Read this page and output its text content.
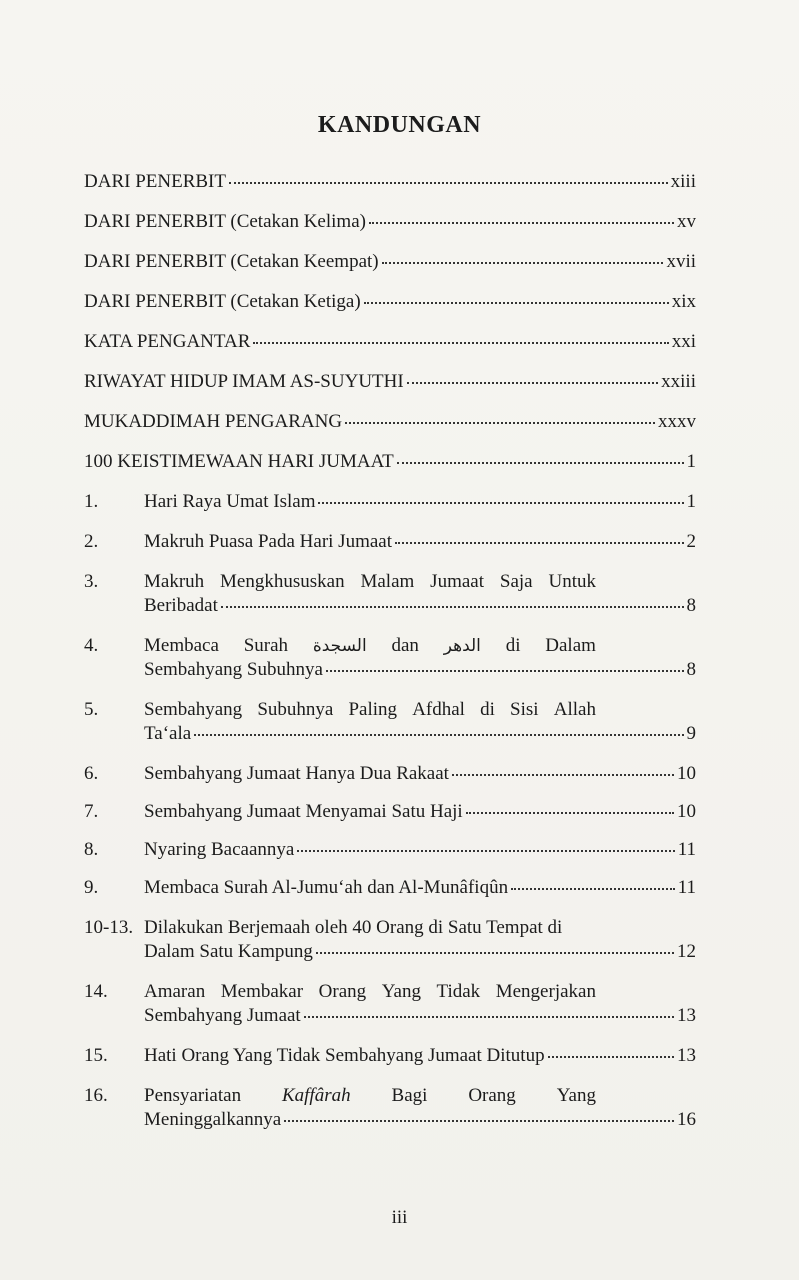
KANDUNGAN
DARI PENERBIT	xiii
DARI PENERBIT (Cetakan Kelima)	xv
DARI PENERBIT (Cetakan Keempat)	xvii
DARI PENERBIT (Cetakan Ketiga)	xix
KATA PENGANTAR	xxi
RIWAYAT HIDUP IMAM AS-SUYUTHI	xxiii
MUKADDIMAH PENGARANG	xxxv
100 KEISTIMEWAAN HARI JUMAAT	1
1.	Hari Raya Umat Islam	1
2.	Makruh Puasa Pada Hari Jumaat	2
3.	Makruh Mengkhususkan Malam Jumaat Saja Untuk
Beribadat	8
4.	Membaca Surah السجدة dan الدهر di Dalam
Sembahyang Subuhnya	8
5.	Sembahyang Subuhnya Paling Afdhal di Sisi Allah
Ta‘ala	9
6.	Sembahyang Jumaat Hanya Dua Rakaat	10
7.	Sembahyang Jumaat Menyamai Satu Haji	10
8.	Nyaring Bacaannya	11
9.	Membaca Surah Al-Jumu‘ah dan Al-Munâfiqûn	11
10-13. Dilakukan Berjemaah oleh 40 Orang di Satu Tempat di
Dalam Satu Kampung	12
14.	Amaran Membakar Orang Yang Tidak Mengerjakan
Sembahyang Jumaat	13
15.	Hati Orang Yang Tidak Sembahyang Jumaat Ditutup	13
16.	Pensyariatan Kaffârah Bagi Orang Yang
Meninggalkannya	16
iii
